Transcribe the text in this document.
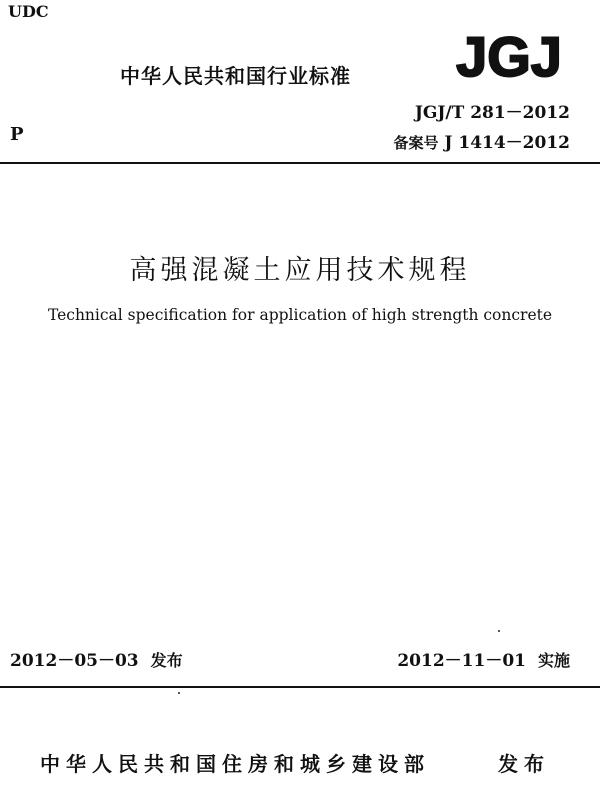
UDC
中华人民共和国行业标准 JGJ
JGJ/T 281－2012
P	备案号 J 1414－2012
高强混凝土应用技术规程
Technical specification for application of high strength concrete
2012－05－03 发布	2012－11－01 实施
中华人民共和国住房和城乡建设部	发布
